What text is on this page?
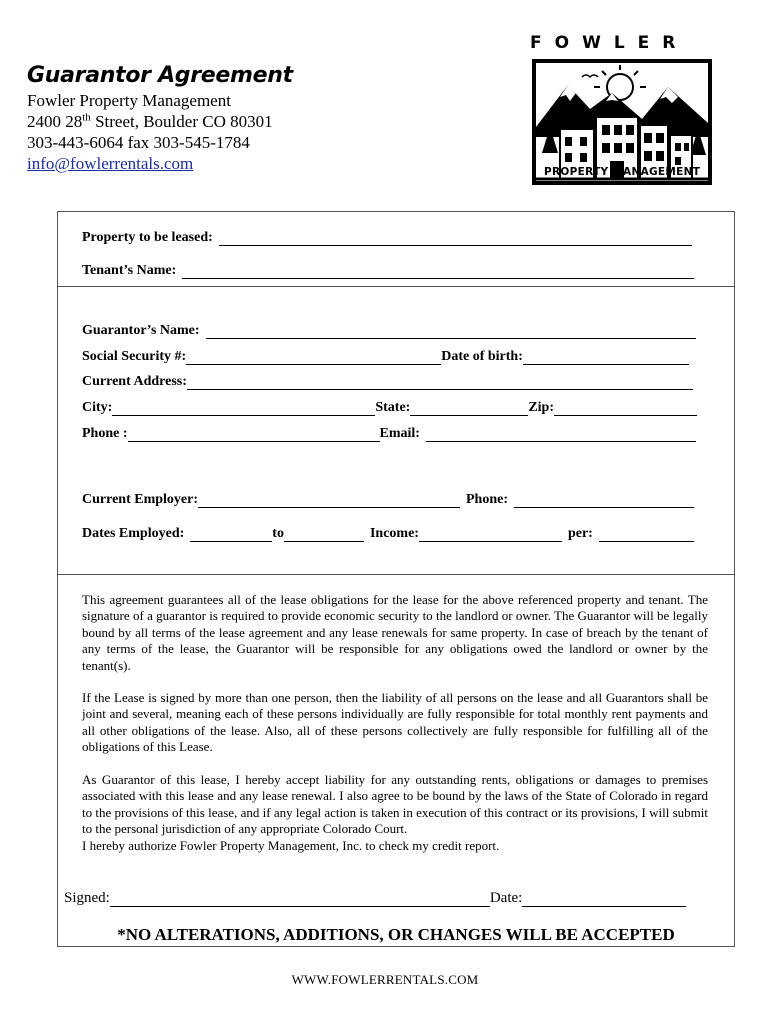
Guarantor Agreement
Fowler Property Management
2400 28th Street, Boulder CO 80301
303-443-6064 fax 303-545-1784
info@fowlerrentals.com
FOWLER
PROPERTY MANAGEMENT
Property to be leased:
Tenant’s Name:
Guarantor’s Name:
Social Security #:	Date of birth:
Current Address:
City:	State:	Zip:
Phone :	Email:
Current Employer:	Phone:
Dates Employed:	to	Income:	per:
This agreement guarantees all of the lease obligations for the lease for the above referenced property and tenant. The signature of a guarantor is required to provide economic security to the landlord or owner. The Guarantor will be legally bound by all terms of the lease agreement and any lease renewals for same property. In case of breach by the tenant of any terms of the lease, the Guarantor will be responsible for any obligations owed the landlord or owner by the tenant(s).
If the Lease is signed by more than one person, then the liability of all persons on the lease and all Guarantors shall be joint and several, meaning each of these persons individually are fully responsible for total monthly rent payments and all other obligations of the lease. Also, all of these persons collectively are fully responsible for fulfilling all of the obligations of this Lease.
As Guarantor of this lease, I hereby accept liability for any outstanding rents, obligations or damages to premises associated with this lease and any lease renewal. I also agree to be bound by the laws of the State of Colorado in regard to the provisions of this lease, and if any legal action is taken in execution of this contract or its provisions, I will submit to the personal jurisdiction of any appropriate Colorado Court.
I hereby authorize Fowler Property Management, Inc. to check my credit report.
Signed:	Date:
*NO ALTERATIONS, ADDITIONS, OR CHANGES WILL BE ACCEPTED
WWW.FOWLERRENTALS.COM
